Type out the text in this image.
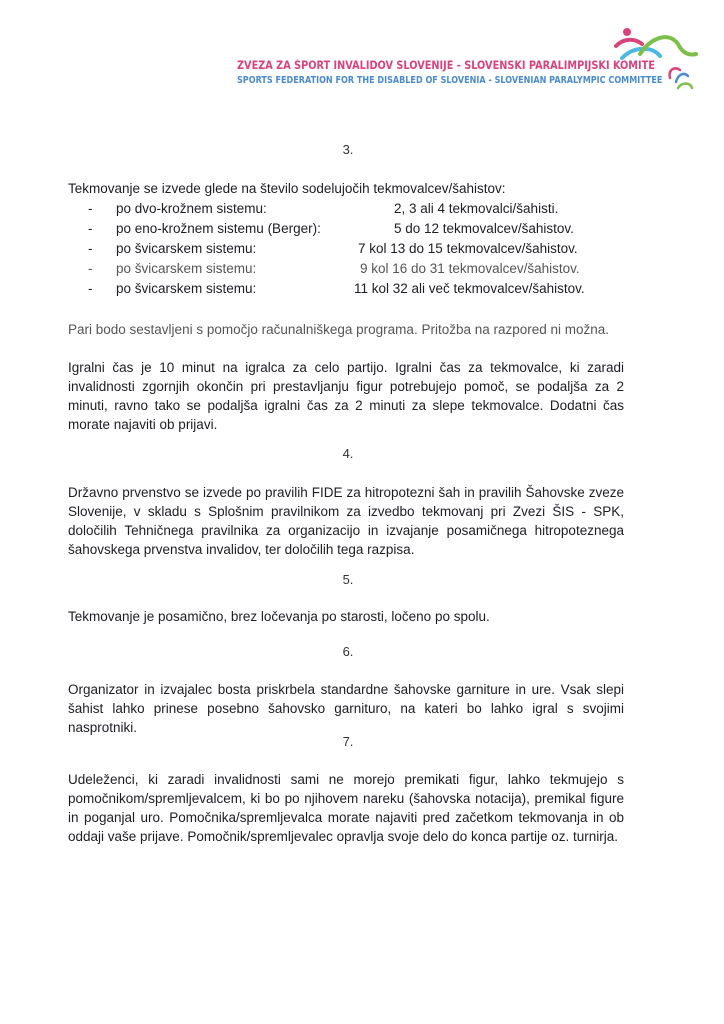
ZVEZA ZA ŠPORT INVALIDOV SLOVENIJE - SLOVENSKI PARALIMPIJSKI KOMITE
SPORTS FEDERATION FOR THE DISABLED OF SLOVENIA - SLOVENIAN PARALYMPIC COMMITTEE
3.
Tekmovanje se izvede glede na število sodelujočih tekmovalcev/šahistov:
- po dvo-krožnem sistemu:	2, 3 ali 4 tekmovalci/šahisti.
- po eno-krožnem sistemu (Berger):	5 do 12 tekmovalcev/šahistov.
- po švicarskem sistemu:	7 kol 13 do 15 tekmovalcev/šahistov.
- po švicarskem sistemu:	9 kol 16 do 31 tekmovalcev/šahistov.
- po švicarskem sistemu:	11 kol 32 ali več tekmovalcev/šahistov.
Pari bodo sestavljeni s pomočjo računalniškega programa. Pritožba na razpored ni možna.
Igralni čas je 10 minut na igralca za celo partijo. Igralni čas za tekmovalce, ki zaradi invalidnosti zgornjih okončin pri prestavljanju figur potrebujejo pomoč, se podaljša za 2 minuti, ravno tako se podaljša igralni čas za 2 minuti za slepe tekmovalce. Dodatni čas morate najaviti ob prijavi.
4.
Državno prvenstvo se izvede po pravilih FIDE za hitropotezni šah in pravilih Šahovske zveze Slovenije, v skladu s Splošnim pravilnikom za izvedbo tekmovanj pri Zvezi ŠIS - SPK, določilih Tehničnega pravilnika za organizacijo in izvajanje posamičnega hitropoteznega šahovskega prvenstva invalidov, ter določilih tega razpisa.
5.
Tekmovanje je posamično, brez ločevanja po starosti, ločeno po spolu.
6.
Organizator in izvajalec bosta priskrbela standardne šahovske garniture in ure. Vsak slepi šahist lahko prinese posebno šahovsko garnituro, na kateri bo lahko igral s svojimi nasprotniki.
7.
Udeleženci, ki zaradi invalidnosti sami ne morejo premikati figur, lahko tekmujejo s pomočnikom/spremljevalcem, ki bo po njihovem nareku (šahovska notacija), premikal figure in poganjal uro. Pomočnika/spremljevalca morate najaviti pred začetkom tekmovanja in ob oddaji vaše prijave. Pomočnik/spremljevalec opravlja svoje delo do konca partije oz. turnirja.
